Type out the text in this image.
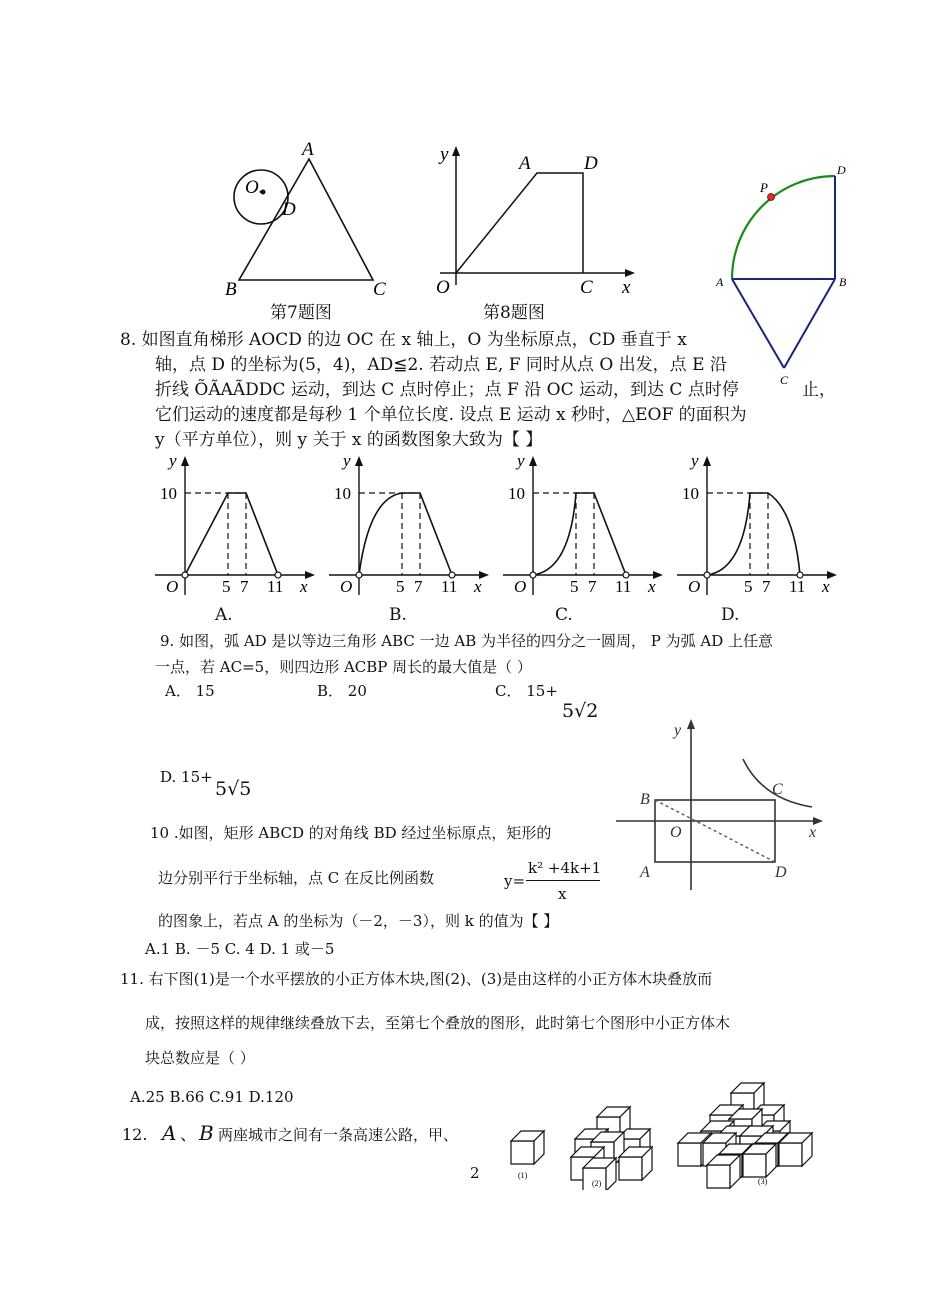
A
O.
D
B	C
第7题图
y	A	D
O	C x
第8题图
P
D
A	B
C
8. 如图直角梯形 AOCD 的边 OC 在 x 轴上，O 为坐标原点，CD 垂直于 x
轴，点 D 的坐标为(5，4)，AD≦2. 若动点 E, F 同时从点 O 出发，点 E 沿
折线 ÕÃAÃDDC 运动，到达 C 点时停止；点 F 沿 OC 运动，到达 C 点时停	止，
它们运动的速度都是每秒 1 个单位长度. 设点 E 运动 x 秒时，△EOF 的面积为
y（平方单位），则 y 关于 x 的函数图象大致为【 】
y
10
O	5 7 11 x
y
10
O	5 7 11 x
y
10
O	5 7 11 x
y
10
O	5 7 11 x
A.	B.	C.	D.
9. 如图，弧 AD 是以等边三角形 ABC 一边 AB 为半径的四分之一圆周， P 为弧 AD 上任意
一点，若 AC=5，则四边形 ACBP 周长的最大值是（ ）
A． 15	B． 20	C． 15+
5√2
D. 15+
5√5
y
B
C
O	x
A	D
10 .如图，矩形 ABCD 的对角线 BD 经过坐标原点，矩形的
边分别平行于坐标轴，点 C 在反比例函数	y=
k² +4k+1
x
的图象上，若点 A 的坐标为（－2，－3），则 k 的值为【 】
A.1 B. －5 C. 4 D. 1 或－5
11. 右下图(1)是一个水平摆放的小正方体木块,图(2)、(3)是由这样的小正方体木块叠放而
成，按照这样的规律继续叠放下去，至第七个叠放的图形，此时第七个图形中小正方体木
块总数应是（ ）
A.25 B.66 C.91 D.120
12. A 、 B 两座城市之间有一条高速公路，甲、
(1)
(2)	(3)
2
